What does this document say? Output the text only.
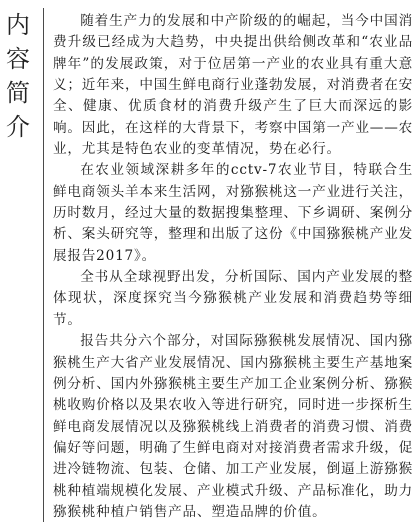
内
容
简
介

随着生产力的发展和中产阶级的的崛起，当今中国消费升级已经成为大趋势，中央提出供给侧改革和“农业品牌年”的发展政策，对于位居第一产业的农业具有重大意义；近年来，中国生鲜电商行业蓬勃发展，对消费者在安全、健康、优质食材的消费升级产生了巨大而深远的影响。因此，在这样的大背景下，考察中国第一产业——农业，尤其是特色农业的变革情况，势在必行。

在农业领域深耕多年的cctv-7农业节目，特联合生鲜电商领头羊本来生活网，对猕猴桃这一产业进行关注，历时数月，经过大量的数据搜集整理、下乡调研、案例分析、案头研究等，整理和出版了这份《中国猕猴桃产业发展报告2017》。

全书从全球视野出发，分析国际、国内产业发展的整体现状，深度探究当今猕猴桃产业发展和消费趋势等细节。

报告共分六个部分，对国际猕猴桃发展情况、国内猕猴桃生产大省产业发展情况、国内猕猴桃主要生产基地案例分析、国内外猕猴桃主要生产加工企业案例分析、猕猴桃收购价格以及果农收入等进行研究，同时进一步探析生鲜电商发展情况以及猕猴桃线上消费者的消费习惯、消费偏好等问题，明确了生鲜电商对对接消费者需求升级，促进冷链物流、包装、仓储、加工产业发展，倒逼上游猕猴桃种植端规模化发展、产业模式升级、产品标准化，助力猕猴桃种植户销售产品、塑造品牌的价值。
